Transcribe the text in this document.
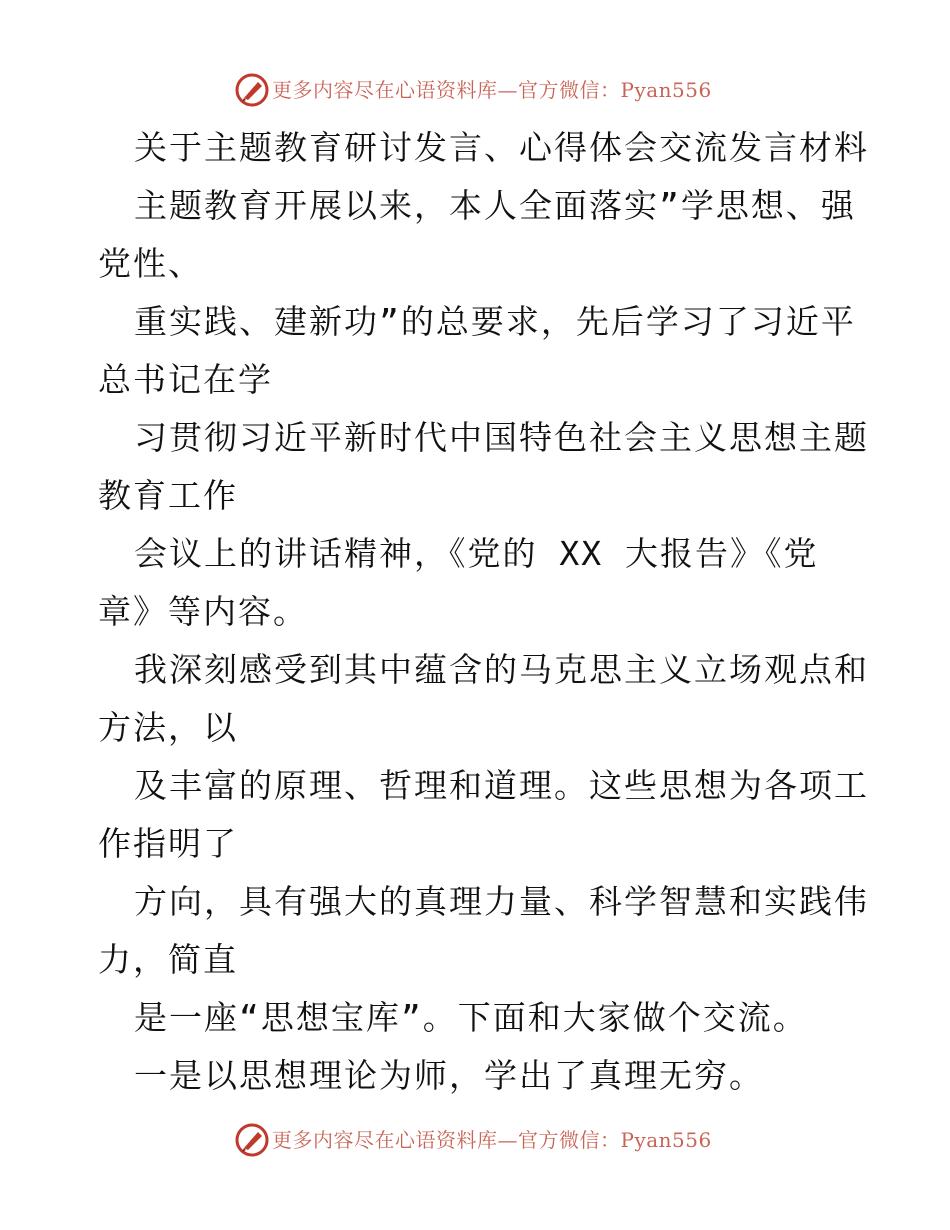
更多内容尽在心语资料库—官方微信：Pyan556
关于主题教育研讨发言、心得体会交流发言材料
主题教育开展以来，本人全面落实”学思想、强
党性、
重实践、建新功”的总要求，先后学习了习近平
总书记在学
习贯彻习近平新时代中国特色社会主义思想主题
教育工作
会议上的讲话精神，《党的 XX 大报告》《党
章》等内容。
我深刻感受到其中蕴含的马克思主义立场观点和
方法，以
及丰富的原理、哲理和道理。这些思想为各项工
作指明了
方向，具有强大的真理力量、科学智慧和实践伟
力，简直
是一座“思想宝库”。下面和大家做个交流。
一是以思想理论为师，学出了真理无穷。
更多内容尽在心语资料库—官方微信：Pyan556
